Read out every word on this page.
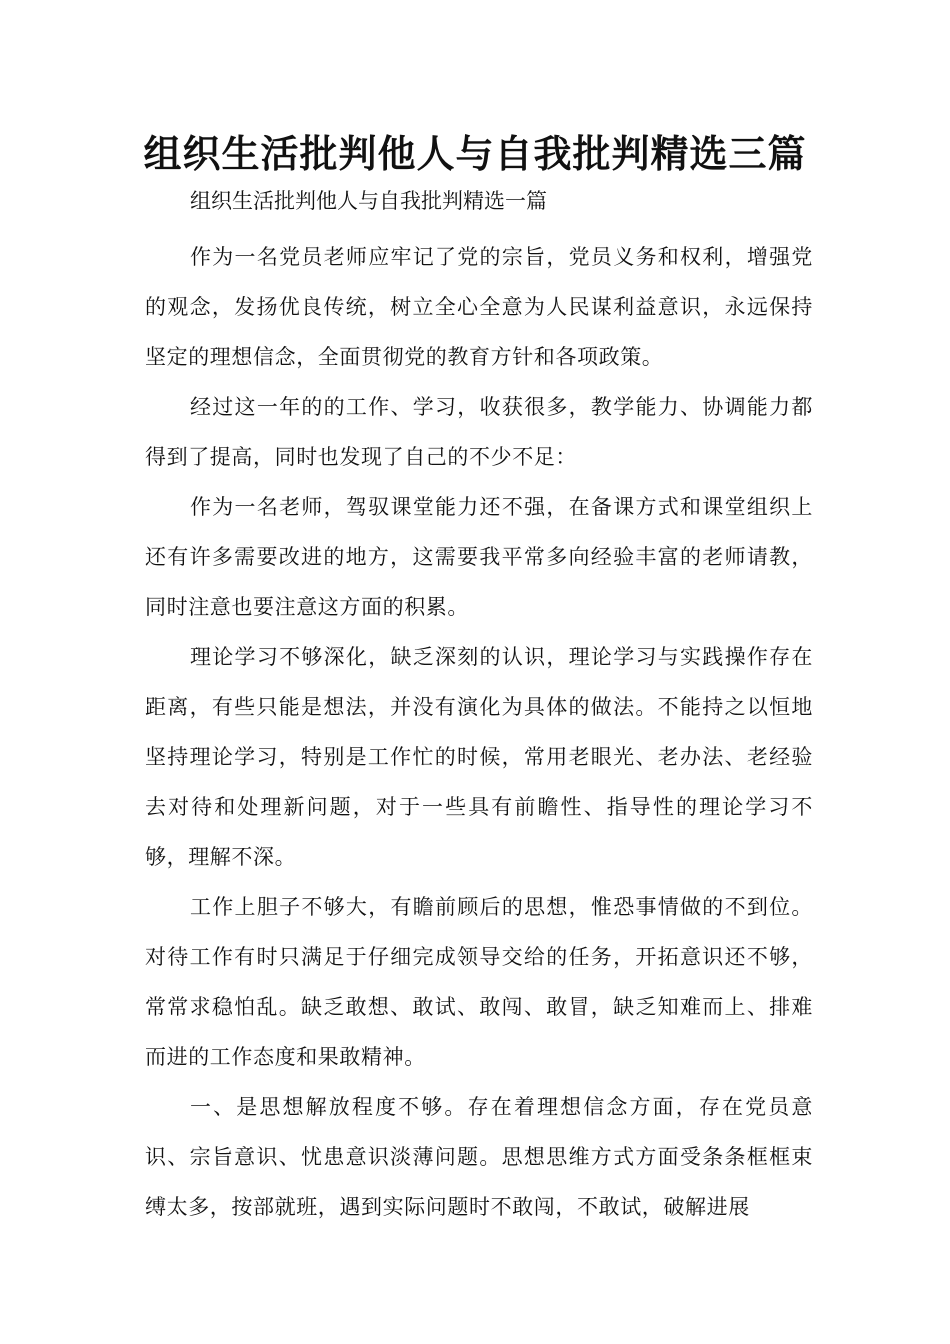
组织生活批判他人与自我批判精选三篇

组织生活批判他人与自我批判精选一篇

作为一名党员老师应牢记了党的宗旨，党员义务和权利，增强党的观念，发扬优良传统，树立全心全意为人民谋利益意识，永远保持坚定的理想信念，全面贯彻党的教育方针和各项政策。

经过这一年的的工作、学习，收获很多，教学能力、协调能力都得到了提高，同时也发现了自己的不少不足：

作为一名老师，驾驭课堂能力还不强，在备课方式和课堂组织上还有许多需要改进的地方，这需要我平常多向经验丰富的老师请教，同时注意也要注意这方面的积累。

理论学习不够深化，缺乏深刻的认识，理论学习与实践操作存在距离，有些只能是想法，并没有演化为具体的做法。不能持之以恒地坚持理论学习，特别是工作忙的时候，常用老眼光、老办法、老经验去对待和处理新问题，对于一些具有前瞻性、指导性的理论学习不够，理解不深。

工作上胆子不够大，有瞻前顾后的思想，惟恐事情做的不到位。对待工作有时只满足于仔细完成领导交给的任务，开拓意识还不够，常常求稳怕乱。缺乏敢想、敢试、敢闯、敢冒，缺乏知难而上、排难而进的工作态度和果敢精神。

一、是思想解放程度不够。存在着理想信念方面，存在党员意识、宗旨意识、忧患意识淡薄问题。思想思维方式方面受条条框框束缚太多，按部就班，遇到实际问题时不敢闯，不敢试，破解进展
